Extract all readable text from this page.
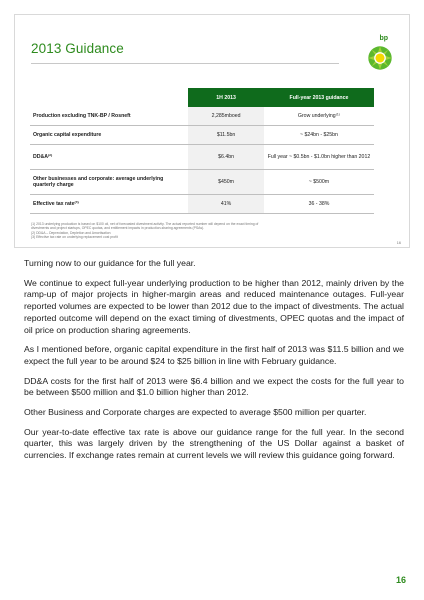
2013 Guidance
bp
	1H 2013	Full-year 2013 guidance
Production excluding TNK-BP / Rosneft	2,285mboed	Grow underlying⁽¹⁾
Organic capital expenditure	$11.5bn	~ $24bn - $25bn
DD&A⁽²⁾	$6.4bn	Full year ~ $0.5bn - $1.0bn higher than 2012
Other businesses and corporate: average underlying quarterly charge	$450m	~ $500m
Effective tax rate⁽³⁾	41%	36 - 38%
(1) 2013 underlying production is based on $100 oil, net of forecasted divestment activity. The actual reported number will depend on the exact timing of
divestments and project startups, OPEC quotas, and entitlement impacts in production-sharing agreements (PSAs).
(2) DD&A – Depreciation, Depletion and Amortisation
(3) Effective tax rate on underlying replacement cost profit
16

Turning now to our guidance for the full year.

We continue to expect full-year underlying production to be higher than 2012, mainly driven by the ramp-up of major projects in higher-margin areas and reduced maintenance outages. Full-year reported volumes are expected to be lower than 2012 due to the impact of divestments. The actual reported outcome will depend on the exact timing of divestments, OPEC quotas and the impact of oil price on production sharing agreements.

As I mentioned before, organic capital expenditure in the first half of 2013 was $11.5 billion and we expect the full year to be around $24 to $25 billion in line with February guidance.

DD&A costs for the first half of 2013 were $6.4 billion and we expect the costs for the full year to be between $500 million and $1.0 billion higher than 2012.

Other Business and Corporate charges are expected to average $500 million per quarter.

Our year-to-date effective tax rate is above our guidance range for the full year. In the second quarter, this was largely driven by the strengthening of the US Dollar against a basket of currencies. If exchange rates remain at current levels we will review this guidance going forward.

16
